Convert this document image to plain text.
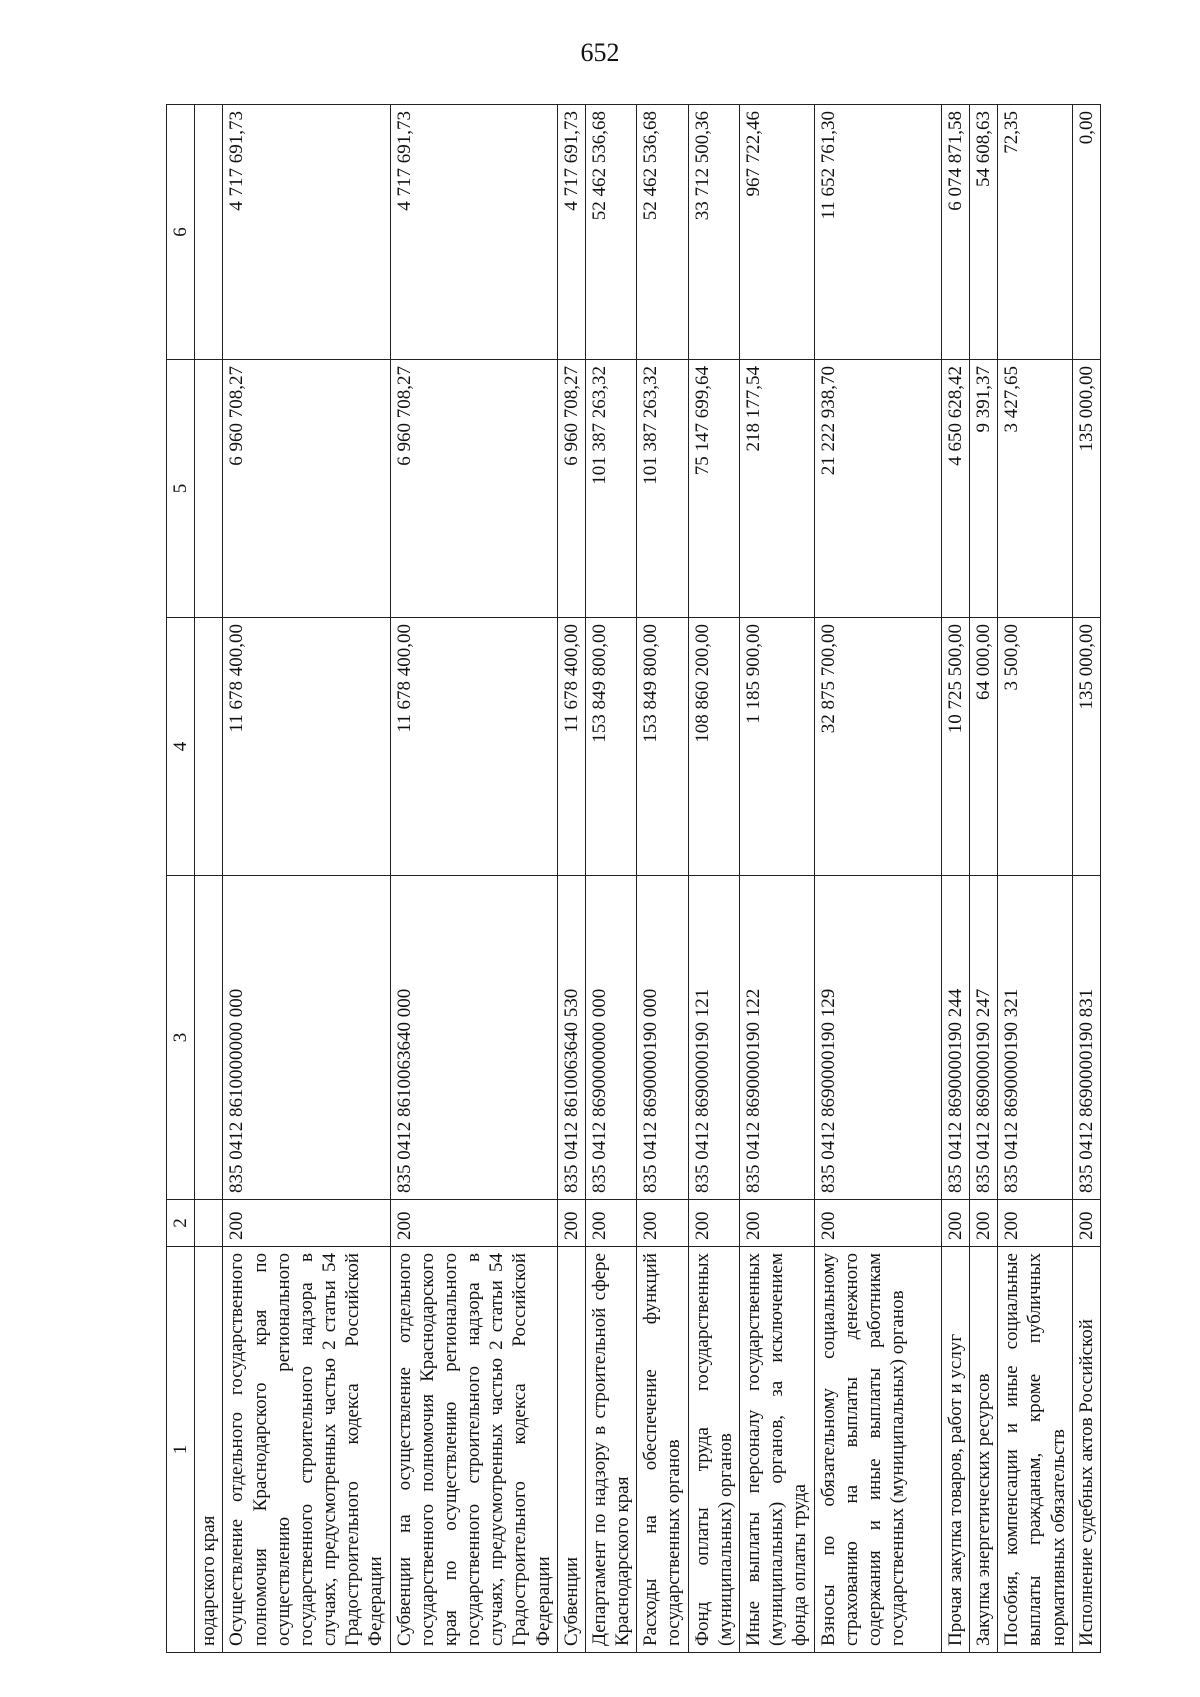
652
1	2	3	4	5	6
нодарского края					
Осуществление отдельного государственного полномочия Краснодарского края по осуществлению регионального государственного строительного надзора в случаях, предусмотренных частью 2 статьи 54 Градостроительного кодекса Российской Федерации	200	835 0412 8610000000 000	11 678 400,00	6 960 708,27	4 717 691,73
Субвенции на осуществление отдельного государственного полномочия Краснодарского края по осуществлению регионального государственного строительного надзора в случаях, предусмотренных частью 2 статьи 54 Градостроительного кодекса Российской Федерации	200	835 0412 8610063640 000	11 678 400,00	6 960 708,27	4 717 691,73
Субвенции	200	835 0412 8610063640 530	11 678 400,00	6 960 708,27	4 717 691,73
Департамент по надзору в строительной сфере Краснодарского края	200	835 0412 8690000000 000	153 849 800,00	101 387 263,32	52 462 536,68
Расходы на обеспечение функций государственных органов	200	835 0412 8690000190 000	153 849 800,00	101 387 263,32	52 462 536,68
Фонд оплаты труда государственных (муниципальных) органов	200	835 0412 8690000190 121	108 860 200,00	75 147 699,64	33 712 500,36
Иные выплаты персоналу государственных (муниципальных) органов, за исключением фонда оплаты труда	200	835 0412 8690000190 122	1 185 900,00	218 177,54	967 722,46
Взносы по обязательному социальному страхованию на выплаты денежного содержания и иные выплаты работникам государственных (муниципальных) органов	200	835 0412 8690000190 129	32 875 700,00	21 222 938,70	11 652 761,30
Прочая закупка товаров, работ и услуг	200	835 0412 8690000190 244	10 725 500,00	4 650 628,42	6 074 871,58
Закупка энергетических ресурсов	200	835 0412 8690000190 247	64 000,00	9 391,37	54 608,63
Пособия, компенсации и иные социальные выплаты гражданам, кроме публичных нормативных обязательств	200	835 0412 8690000190 321	3 500,00	3 427,65	72,35
Исполнение судебных актов Российской	200	835 0412 8690000190 831	135 000,00	135 000,00	0,00
